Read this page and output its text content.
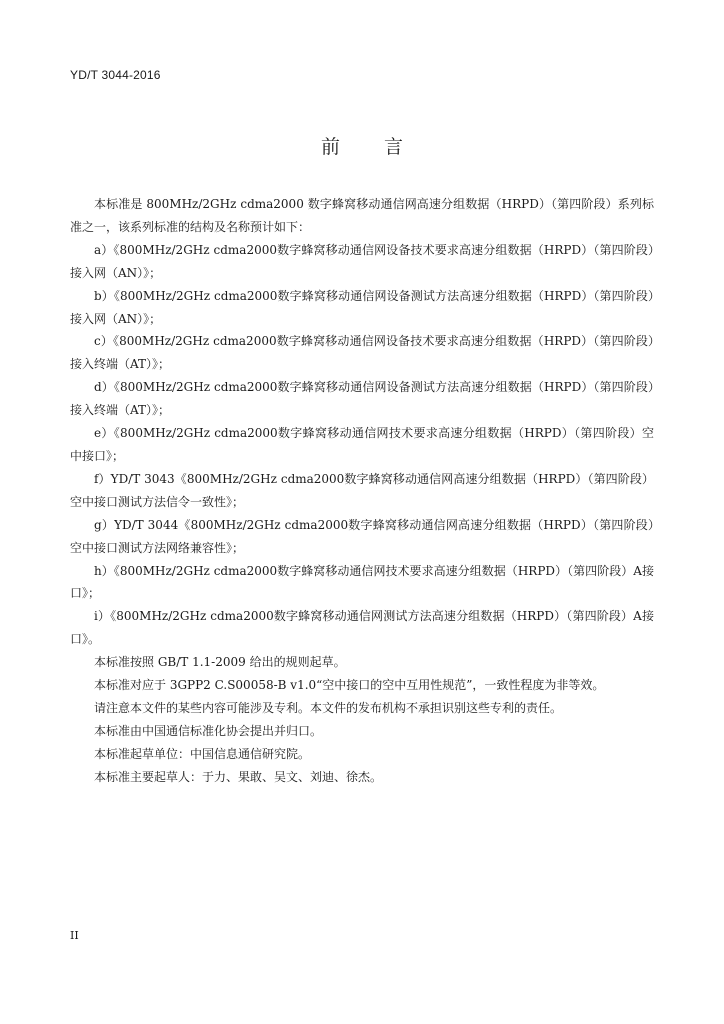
YD/T 3044-2016
前言

本标准是 800MHz/2GHz cdma2000 数字蜂窝移动通信网高速分组数据（HRPD）（第四阶段）系列标准之一，该系列标准的结构及名称预计如下：

a）《800MHz/2GHz cdma2000数字蜂窝移动通信网设备技术要求高速分组数据（HRPD）（第四阶段）接入网（AN）》；

b）《800MHz/2GHz cdma2000数字蜂窝移动通信网设备测试方法高速分组数据（HRPD）（第四阶段）接入网（AN）》；

c）《800MHz/2GHz cdma2000数字蜂窝移动通信网设备技术要求高速分组数据（HRPD）（第四阶段）接入终端（AT）》；

d）《800MHz/2GHz cdma2000数字蜂窝移动通信网设备测试方法高速分组数据（HRPD）（第四阶段）接入终端（AT）》；

e）《800MHz/2GHz cdma2000数字蜂窝移动通信网技术要求高速分组数据（HRPD）（第四阶段）空中接口》；

f）YD/T 3043《800MHz/2GHz cdma2000数字蜂窝移动通信网高速分组数据（HRPD）（第四阶段）空中接口测试方法信令一致性》；

g）YD/T 3044《800MHz/2GHz cdma2000数字蜂窝移动通信网高速分组数据（HRPD）（第四阶段）空中接口测试方法网络兼容性》；

h）《800MHz/2GHz cdma2000数字蜂窝移动通信网技术要求高速分组数据（HRPD）（第四阶段）A接口》；

i）《800MHz/2GHz cdma2000数字蜂窝移动通信网测试方法高速分组数据（HRPD）（第四阶段）A接口》。

本标准按照 GB/T 1.1-2009 给出的规则起草。

本标准对应于 3GPP2 C.S00058-B v1.0“空中接口的空中互用性规范”，一致性程度为非等效。

请注意本文件的某些内容可能涉及专利。本文件的发布机构不承担识别这些专利的责任。

本标准由中国通信标准化协会提出并归口。

本标准起草单位：中国信息通信研究院。

本标准主要起草人：于力、果敢、吴文、刘迪、徐杰。

II
